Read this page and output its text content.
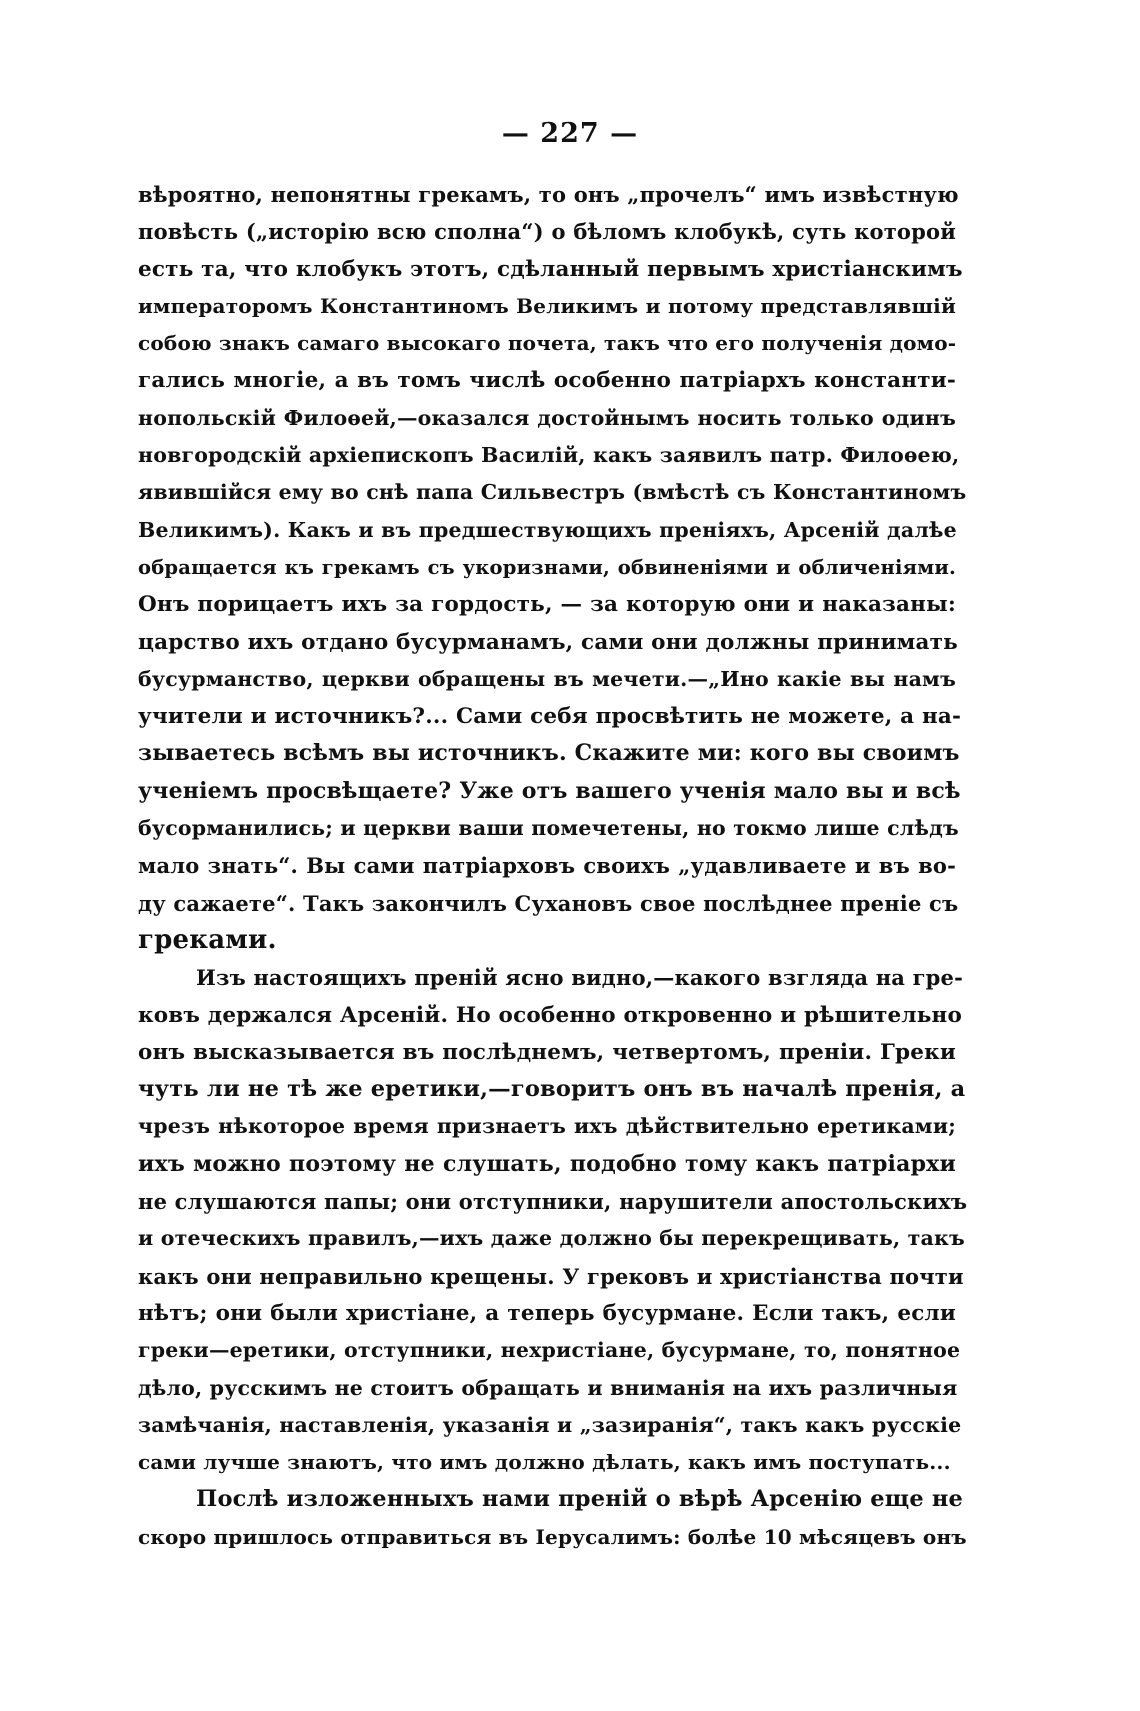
— 227 —
вѣроятно, непонятны грекамъ, то онъ „прочелъ“ имъ извѣстную
повѣсть („исторію всю сполна“) о бѣломъ клобукѣ, суть которой
есть та, что клобукъ этотъ, сдѣланный первымъ христіанскимъ
императоромъ Константиномъ Великимъ и потому представлявшій
собою знакъ самаго высокаго почета, такъ что его полученія домо-
гались многіе, а въ томъ числѣ особенно патріархъ константи-
нопольскій Филоѳей,—оказался достойнымъ носить только одинъ
новгородскій архіепископъ Василій, какъ заявилъ патр. Филоѳею,
явившійся ему во снѣ папа Сильвестръ (вмѣстѣ съ Константиномъ
Великимъ). Какъ и въ предшествующихъ преніяхъ, Арсеній далѣе
обращается къ грекамъ съ укоризнами, обвиненіями и обличеніями.
Онъ порицаетъ ихъ за гордость, — за которую они и наказаны:
царство ихъ отдано бусурманамъ, сами они должны принимать
бусурманство, церкви обращены въ мечети.—„Ино какіе вы намъ
учители и источникъ?... Сами себя просвѣтить не можете, а на-
зываетесь всѣмъ вы источникъ. Скажите ми: кого вы своимъ
ученіемъ просвѣщаете? Уже отъ вашего ученія мало вы и всѣ
бусорманились; и церкви ваши помечетены, но токмо лише слѣдъ
мало знать“. Вы сами патріарховъ своихъ „удавливаете и въ во-
ду сажаете“. Такъ закончилъ Сухановъ свое послѣднее преніе съ
греками.
Изъ настоящихъ преній ясно видно,—какого взгляда на гре-
ковъ держался Арсеній. Но особенно откровенно и рѣшительно
онъ высказывается въ послѣднемъ, четвертомъ, преніи. Греки
чуть ли не тѣ же еретики,—говоритъ онъ въ началѣ пренія, а
чрезъ нѣкоторое время признаетъ ихъ дѣйствительно еретиками;
ихъ можно поэтому не слушать, подобно тому какъ патріархи
не слушаются папы; они отступники, нарушители апостольскихъ
и отеческихъ правилъ,—ихъ даже должно бы перекрещивать, такъ
какъ они неправильно крещены. У грековъ и христіанства почти
нѣтъ; они были христіане, а теперь бусурмане. Если такъ, если
греки—еретики, отступники, нехристіане, бусурмане, то, понятное
дѣло, русскимъ не стоитъ обращать и вниманія на ихъ различныя
замѣчанія, наставленія, указанія и „зазиранія“, такъ какъ русскіе
сами лучше знаютъ, что имъ должно дѣлать, какъ имъ поступать...
Послѣ изложенныхъ нами преній о вѣрѣ Арсенію еще не
скоро пришлось отправиться въ Іерусалимъ: болѣе 10 мѣсяцевъ онъ
